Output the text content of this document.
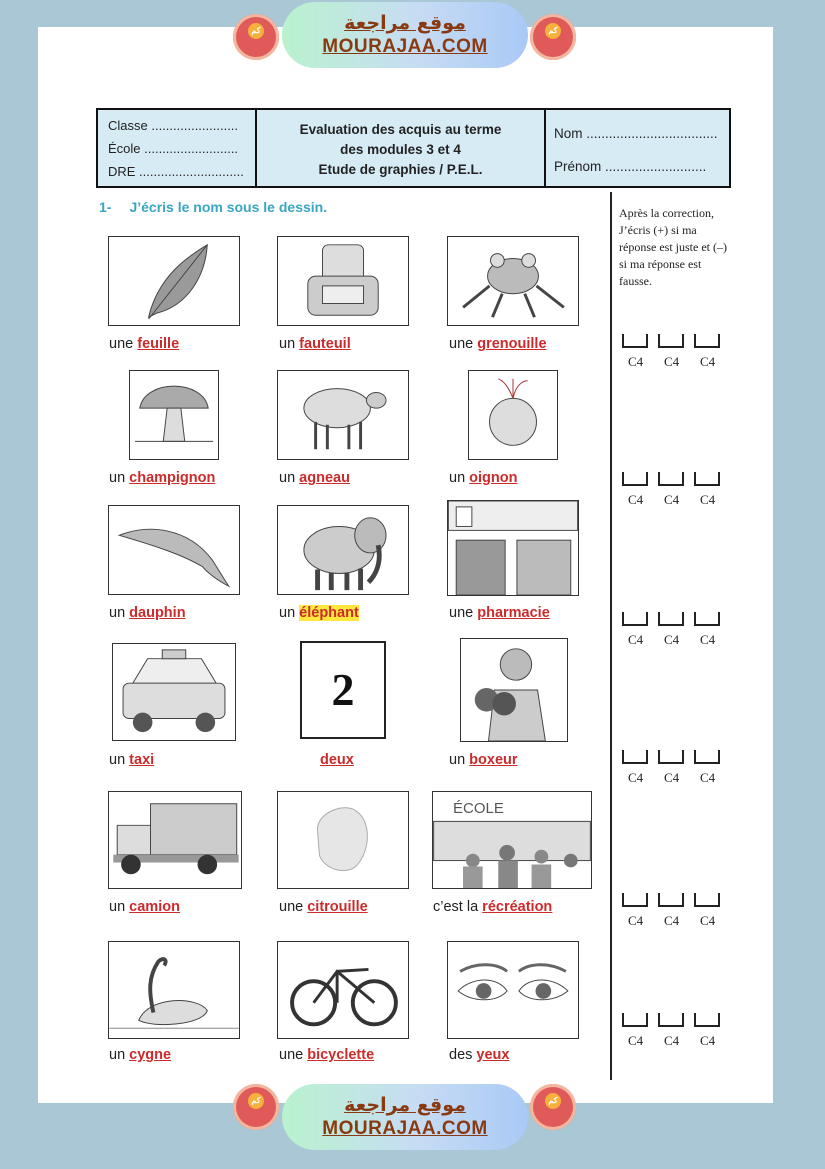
كم	موقع مراجعة
MOURAJAA.COM
كم
Classe ........................
École ..........................
DRE .............................
Evaluation des acquis au terme
des modules 3 et 4
Etude de graphies / P.E.L.
Nom ...................................
Prénom ...........................
1- J’écris le nom sous le dessin.	Après la correction, J’écris (+) si ma réponse est juste et (–) si ma réponse est fausse.
une feuille	un fauteuil	une grenouille
un champignon	un agneau	un oignon
un dauphin	un éléphant	une pharmacie
2
un taxi	deux	un boxeur
ÉCOLE
un camion	une citrouille	c’est la récréation
un cygne	une bicyclette	des yeux
C4 C4 C4
C4 C4 C4
C4 C4 C4
C4 C4 C4
C4 C4 C4
C4 C4 C4
كم	موقع مراجعة
MOURAJAA.COM
كم
